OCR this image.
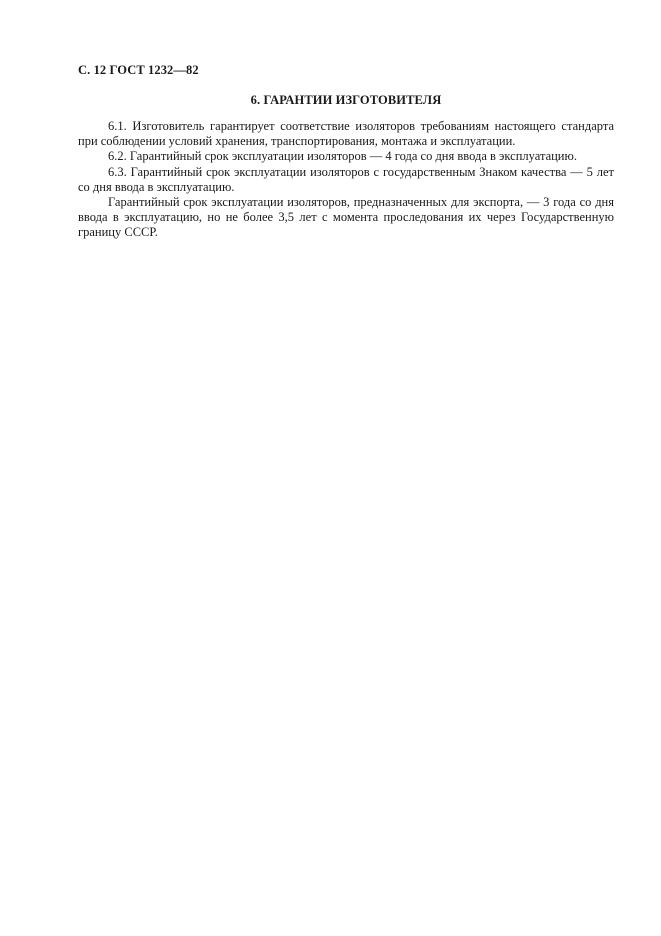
С. 12 ГОСТ 1232—82
6. ГАРАНТИИ ИЗГОТОВИТЕЛЯ

6.1. Изготовитель гарантирует соответствие изоляторов требованиям настоящего стандарта при соблюдении условий хранения, транспортирования, монтажа и эксплуатации.

6.2. Гарантийный срок эксплуатации изоляторов — 4 года со дня ввода в эксплуатацию.

6.3. Гарантийный срок эксплуатации изоляторов с государственным Знаком качества — 5 лет со дня ввода в эксплуатацию.

Гарантийный срок эксплуатации изоляторов, предназначенных для экспорта, — 3 года со дня ввода в эксплуатацию, но не более 3,5 лет с момента проследования их через Государственную границу СССР.
